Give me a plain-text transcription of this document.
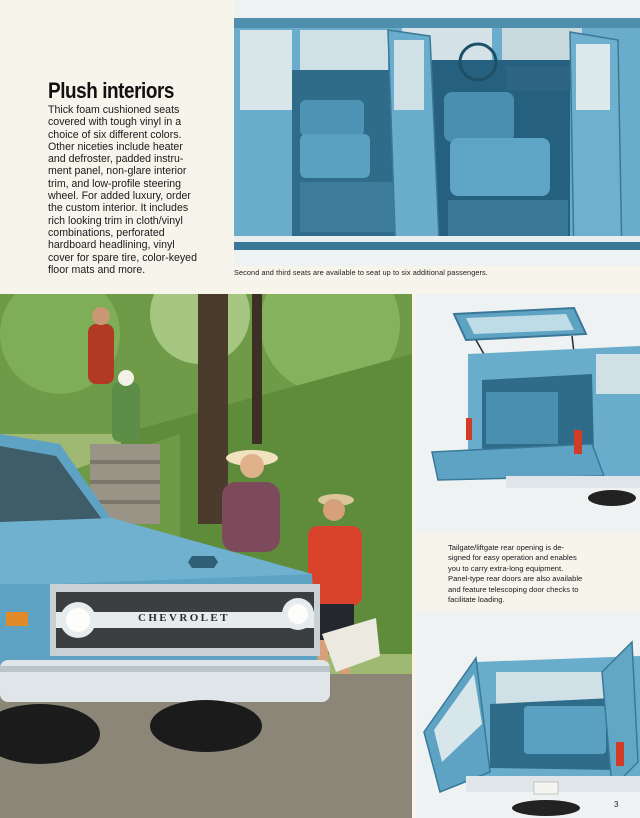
Plush interiors
Thick foam cushioned seats
covered with tough vinyl in a
choice of six different colors.
Other niceties include heater
and defroster, padded instru-
ment panel, non-glare interior
trim, and low-profile steering
wheel. For added luxury, order
the custom interior. It includes
rich looking trim in cloth/vinyl
combinations, perforated
hardboard headlining, vinyl
cover for spare tire, color-keyed
floor mats and more.	Second and third seats are available to seat up to six additional passengers.
CHEVROLET
Tailgate/liftgate rear opening is de-
signed for easy operation and enables
you to carry extra-long equipment.
Panel-type rear doors are also available
and feature telescoping door checks to
facilitate loading.
3
